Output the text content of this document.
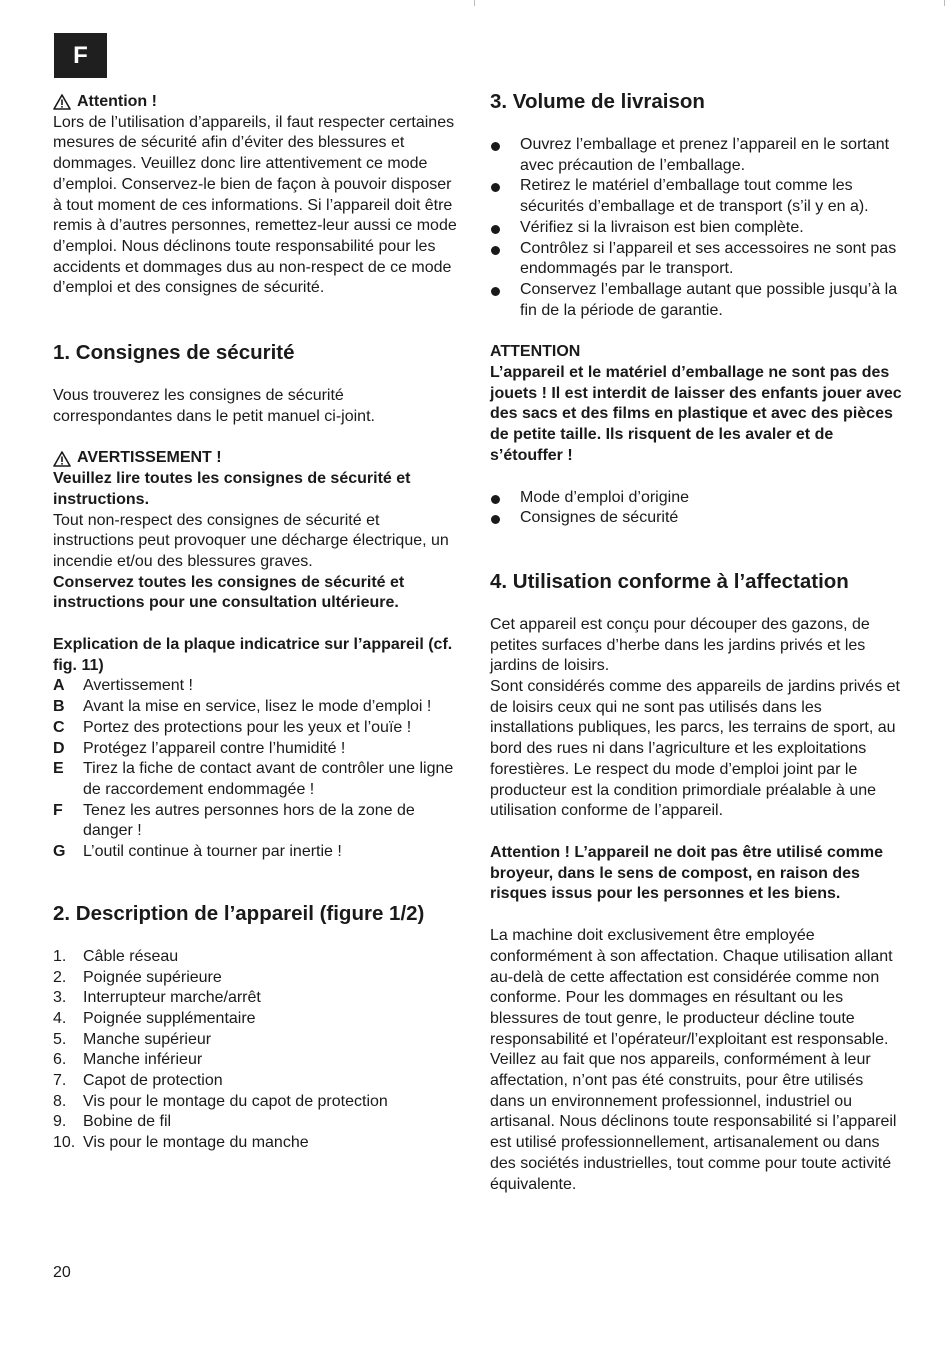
F
Attention !

Lors de l’utilisation d’appareils, il faut respecter certaines mesures de sécurité afin d’éviter des blessures et dommages. Veuillez donc lire attentivement ce mode d’emploi. Conservez-le bien de façon à pouvoir disposer à tout moment de ces informations. Si l’appareil doit être remis à d’autres personnes, remettez-leur aussi ce mode d’emploi. Nous déclinons toute responsabilité pour les accidents et dommages dus au non-respect de ce mode d’emploi et des consignes de sécurité.

1. Consignes de sécurité

Vous trouverez les consignes de sécurité correspondantes dans le petit manuel ci-joint.

AVERTISSEMENT !

Veuillez lire toutes les consignes de sécurité et instructions.

Tout non-respect des consignes de sécurité et instructions peut provoquer une décharge électrique, un incendie et/ou des blessures graves.

Conservez toutes les consignes de sécurité et instructions pour une consultation ultérieure.

Explication de la plaque indicatrice sur l’appareil (cf. fig. 11)

A	Avertissement !
B	Avant la mise en service, lisez le mode d’emploi !
C	Portez des protections pour les yeux et l’ouïe !
D	Protégez l’appareil contre l’humidité !
E	Tirez la fiche de contact avant de contrôler une ligne de raccordement endommagée !
F	Tenez les autres personnes hors de la zone de danger !
G	L’outil continue à tourner par inertie !
2. Description de l’appareil (figure 1/2)
1.	Câble réseau
2.	Poignée supérieure
3.	Interrupteur marche/arrêt
4.	Poignée supplémentaire
5.	Manche supérieur
6.	Manche inférieur
7.	Capot de protection
8.	Vis pour le montage du capot de protection
9.	Bobine de fil
10. Vis pour le montage du manche
3. Volume de livraison
Ouvrez l’emballage et prenez l’appareil en le sortant avec précaution de l’emballage.
Retirez le matériel d’emballage tout comme les sécurités d’emballage et de transport (s’il y en a).
Vérifiez si la livraison est bien complète.
Contrôlez si l’appareil et ses accessoires ne sont pas endommagés par le transport.
Conservez l’emballage autant que possible jusqu’à la fin de la période de garantie.

ATTENTION

L’appareil et le matériel d’emballage ne sont pas des jouets ! Il est interdit de laisser des enfants jouer avec des sacs et des films en plastique et avec des pièces de petite taille. Ils risquent de les avaler et de s’étouffer !

Mode d’emploi d’origine
Consignes de sécurité
4. Utilisation conforme à l’affectation

Cet appareil est conçu pour découper des gazons, de petites surfaces d’herbe dans les jardins privés et les jardins de loisirs.

Sont considérés comme des appareils de jardins privés et de loisirs ceux qui ne sont pas utilisés dans les installations publiques, les parcs, les terrains de sport, au bord des rues ni dans l’agriculture et les exploitations forestières. Le respect du mode d’emploi joint par le producteur est la condition primordiale préalable à une utilisation conforme de l’appareil.

Attention ! L’appareil ne doit pas être utilisé comme broyeur, dans le sens de compost, en raison des risques issus pour les personnes et les biens.

La machine doit exclusivement être employée conformément à son affectation. Chaque utilisation allant au-delà de cette affectation est considérée comme non conforme. Pour les dommages en résultant ou les blessures de tout genre, le producteur décline toute responsabilité et l’opérateur/l’exploitant est responsable. Veillez au fait que nos appareils, conformément à leur affectation, n’ont pas été construits, pour être utilisés dans un environnement professionnel, industriel ou artisanal. Nous déclinons toute responsabilité si l’appareil est utilisé professionnellement, artisanalement ou dans des sociétés industrielles, tout comme pour toute activité équivalente.

20
